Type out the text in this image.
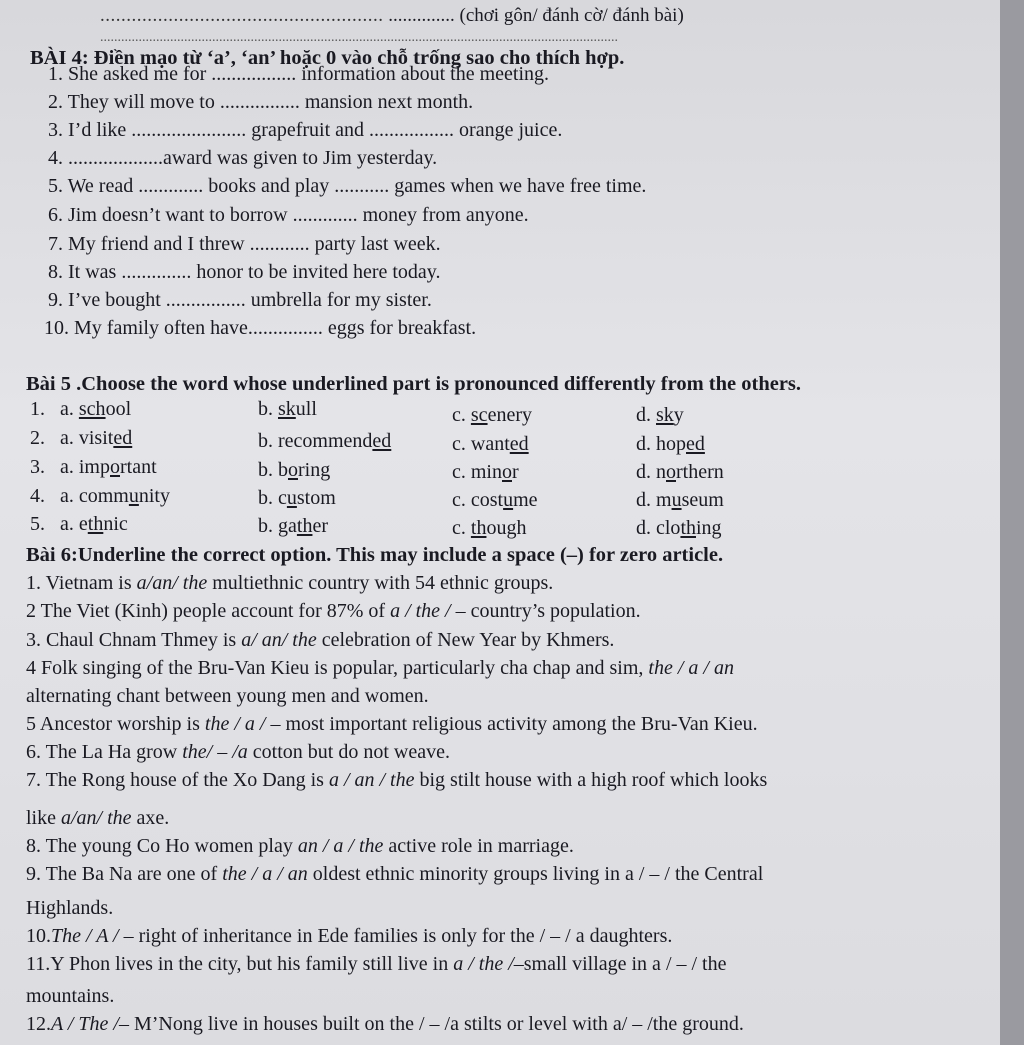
...................................................... .............. (chơi gôn/ đánh cờ/ đánh bài)
....................................................................................................................................................
BÀI 4: Điền mạo từ ‘a’, ‘an’ hoặc 0 vào chỗ trống sao cho thích hợp.
1. She asked me for ................. information about the meeting.
2. They will move to ................ mansion next month.
3. I’d like ....................... grapefruit and ................. orange juice.
4. ...................award was given to Jim yesterday.
5. We read ............. books and play ........... games when we have free time.
6. Jim doesn’t want to borrow ............. money from anyone.
7. My friend and I threw ............ party last week.
8. It was .............. honor to be invited here today.
9. I’ve bought ................ umbrella for my sister.
10. My family often have............... eggs for breakfast.
Bài 5 .Choose the word whose underlined part is pronounced differently from the others.
1. a. school	b. skull	c. scenery	d. sky
2. a. visited	b. recommended	c. wanted	d. hoped
3. a. important	b. boring	c. minor	d. northern
4. a. community	b. custom	c. costume	d. museum
5. a. ethnic	b. gather	c. though	d. clothing
Bài 6:Underline the correct option. This may include a space (–) for zero article.
1. Vietnam is a/an/ the multiethnic country with 54 ethnic groups.
2 The Viet (Kinh) people account for 87% of a / the / – country’s population.
3. Chaul Chnam Thmey is a/ an/ the celebration of New Year by Khmers.
4 Folk singing of the Bru-Van Kieu is popular, particularly cha chap and sim, the / a / an
alternating chant between young men and women.
5 Ancestor worship is the / a / – most important religious activity among the Bru-Van Kieu.
6. The La Ha grow the/ – /a cotton but do not weave.
7. The Rong house of the Xo Dang is a / an / the big stilt house with a high roof which looks
like a/an/ the axe.
8. The young Co Ho women play an / a / the active role in marriage.
9. The Ba Na are one of the / a / an oldest ethnic minority groups living in a / – / the Central
Highlands.
10.The / A / – right of inheritance in Ede families is only for the / – / a daughters.
11.Y Phon lives in the city, but his family still live in a / the /–small village in a / – / the
mountains.
12.A / The /– M’Nong live in houses built on the / – /a stilts or level with a/ – /the ground.
